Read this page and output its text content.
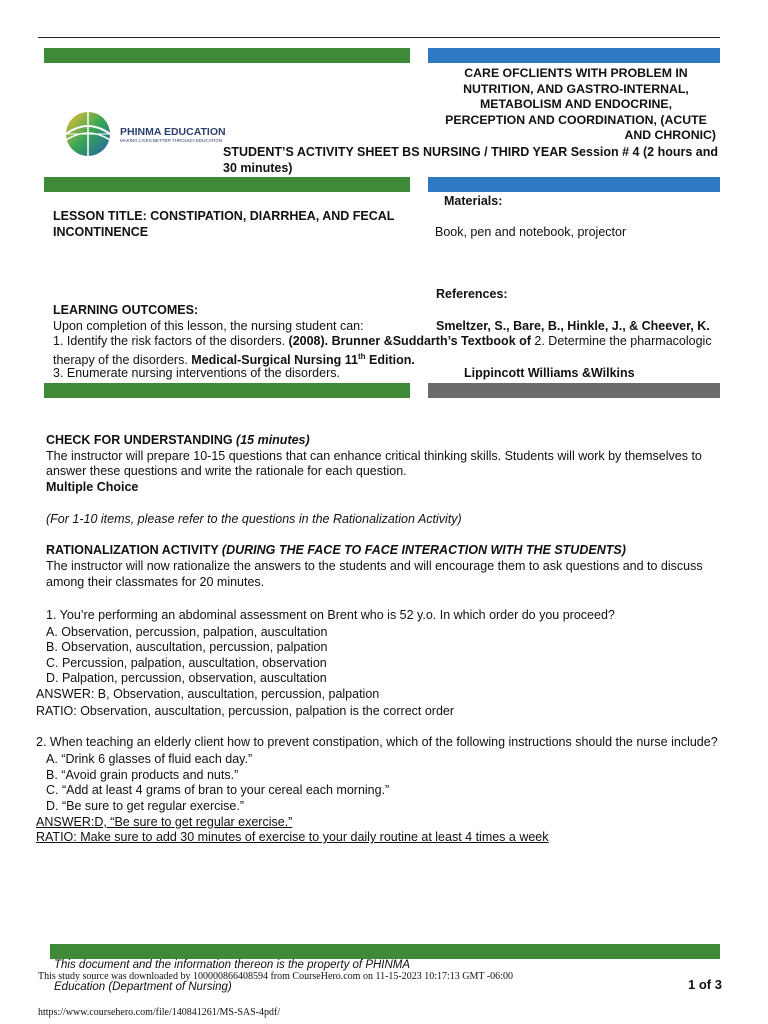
PHINMA EDUCATION
MAKING LIVES BETTER THROUGH EDUCATION
CARE OFCLIENTS WITH PROBLEM IN
NUTRITION, AND GASTRO-INTERNAL,
METABOLISM AND ENDOCRINE,
PERCEPTION AND COORDINATION, (ACUTE
AND CHRONIC)
STUDENT’S ACTIVITY SHEET BS NURSING / THIRD YEAR Session # 4 (2 hours and
30 minutes)
Materials:
LESSON TITLE: CONSTIPATION, DIARRHEA, AND FECAL
INCONTINENCE	Book, pen and notebook, projector
References:
LEARNING OUTCOMES:
Upon completion of this lesson, the nursing student can:	Smeltzer, S., Bare, B., Hinkle, J., & Cheever, K.
1. Identify the risk factors of the disorders. (2008). Brunner &Suddarth’s Textbook of 2. Determine the pharmacologic
therapy of the disorders. Medical-Surgical Nursing 11th Edition.
3. Enumerate nursing interventions of the disorders.	Lippincott Williams &Wilkins
CHECK FOR UNDERSTANDING (15 minutes)
The instructor will prepare 10-15 questions that can enhance critical thinking skills. Students will work by themselves to
answer these questions and write the rationale for each question.
Multiple Choice
(For 1-10 items, please refer to the questions in the Rationalization Activity)
RATIONALIZATION ACTIVITY (DURING THE FACE TO FACE INTERACTION WITH THE STUDENTS)
The instructor will now rationalize the answers to the students and will encourage them to ask questions and to discuss
among their classmates for 20 minutes.
1. You’re performing an abdominal assessment on Brent who is 52 y.o. In which order do you proceed?
A. Observation, percussion, palpation, auscultation
B. Observation, auscultation, percussion, palpation
C. Percussion, palpation, auscultation, observation
D. Palpation, percussion, observation, auscultation
ANSWER: B, Observation, auscultation, percussion, palpation
RATIO: Observation, auscultation, percussion, palpation is the correct order
2. When teaching an elderly client how to prevent constipation, which of the following instructions should the nurse include?
A. “Drink 6 glasses of fluid each day.”
B. “Avoid grain products and nuts.”
C. “Add at least 4 grams of bran to your cereal each morning.”
D. “Be sure to get regular exercise.”
ANSWER:D, “Be sure to get regular exercise.”
RATIO: Make sure to add 30 minutes of exercise to your daily routine at least 4 times a week
This document and the information thereon is the property of PHINMA
This study source was downloaded by 100000866408594 from CourseHero.com on 11-15-2023 10:17:13 GMT -06:00
Education (Department of Nursing)	1 of 3
https://www.coursehero.com/file/140841261/MS-SAS-4pdf/
